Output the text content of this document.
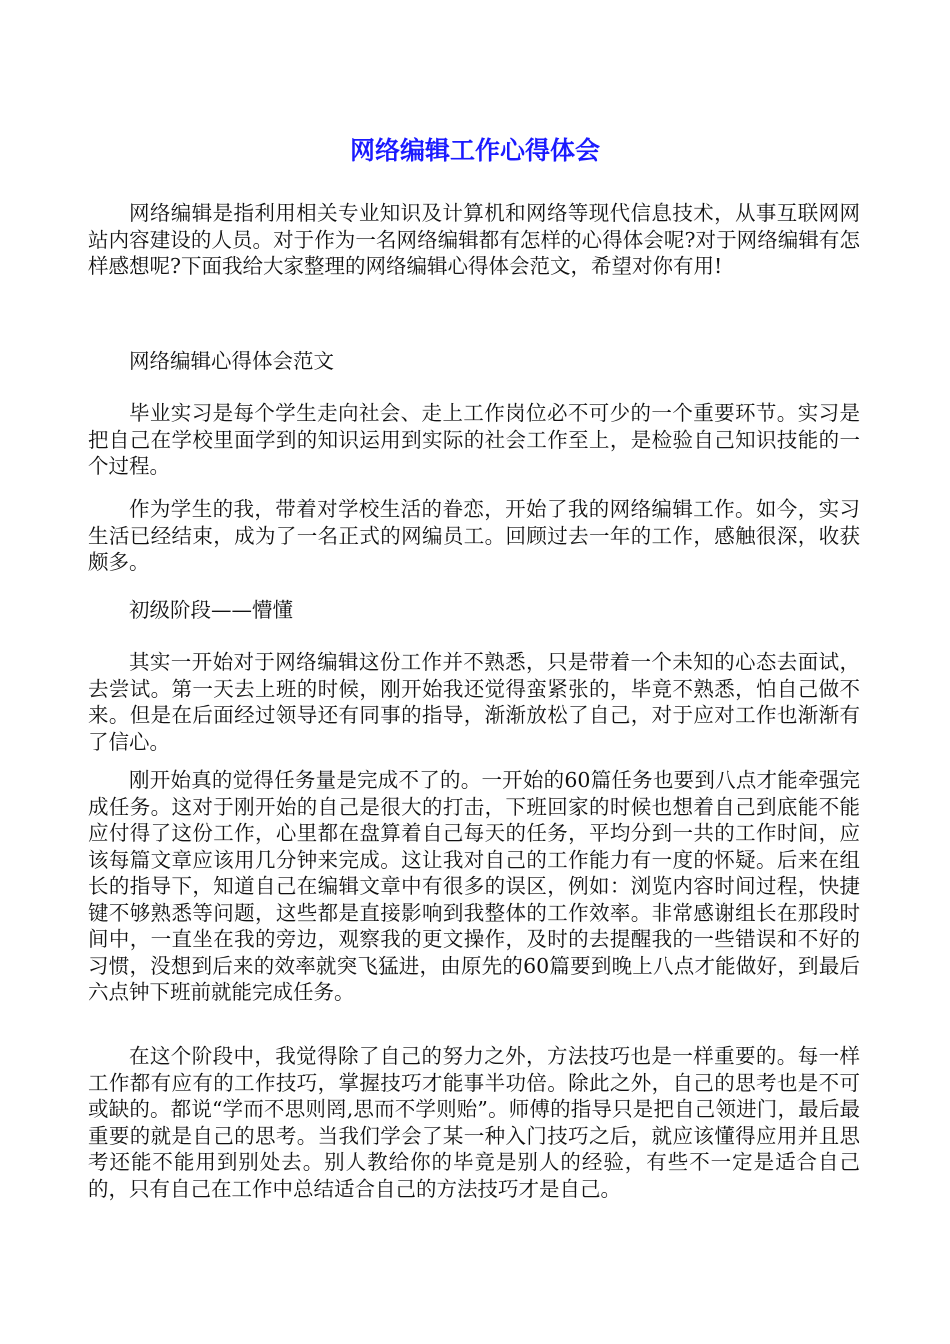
网络编辑工作心得体会

网络编辑是指利用相关专业知识及计算机和网络等现代信息技术，从事互联网网站内容建设的人员。对于作为一名网络编辑都有怎样的心得体会呢?对于网络编辑有怎样感想呢?下面我给大家整理的网络编辑心得体会范文，希望对你有用!

网络编辑心得体会范文

毕业实习是每个学生走向社会、走上工作岗位必不可少的一个重要环节。实习是把自己在学校里面学到的知识运用到实际的社会工作至上，是检验自己知识技能的一个过程。

作为学生的我，带着对学校生活的眷恋，开始了我的网络编辑工作。如今，实习生活已经结束，成为了一名正式的网编员工。回顾过去一年的工作，感触很深，收获颇多。

初级阶段——懵懂

其实一开始对于网络编辑这份工作并不熟悉，只是带着一个未知的心态去面试，去尝试。第一天去上班的时候，刚开始我还觉得蛮紧张的，毕竟不熟悉，怕自己做不来。但是在后面经过领导还有同事的指导，渐渐放松了自己，对于应对工作也渐渐有了信心。

刚开始真的觉得任务量是完成不了的。一开始的60篇任务也要到八点才能牵强完成任务。这对于刚开始的自己是很大的打击，下班回家的时候也想着自己到底能不能应付得了这份工作，心里都在盘算着自己每天的任务，平均分到一共的工作时间，应该每篇文章应该用几分钟来完成。这让我对自己的工作能力有一度的怀疑。后来在组长的指导下，知道自己在编辑文章中有很多的误区，例如：浏览内容时间过程，快捷键不够熟悉等问题，这些都是直接影响到我整体的工作效率。非常感谢组长在那段时间中，一直坐在我的旁边，观察我的更文操作，及时的去提醒我的一些错误和不好的习惯，没想到后来的效率就突飞猛进，由原先的60篇要到晚上八点才能做好，到最后六点钟下班前就能完成任务。

在这个阶段中，我觉得除了自己的努力之外，方法技巧也是一样重要的。每一样工作都有应有的工作技巧，掌握技巧才能事半功倍。除此之外，自己的思考也是不可或缺的。都说“学而不思则罔,思而不学则贻”。师傅的指导只是把自己领进门，最后最重要的就是自己的思考。当我们学会了某一种入门技巧之后，就应该懂得应用并且思考还能不能用到别处去。别人教给你的毕竟是别人的经验，有些不一定是适合自己的，只有自己在工作中总结适合自己的方法技巧才是自己。
